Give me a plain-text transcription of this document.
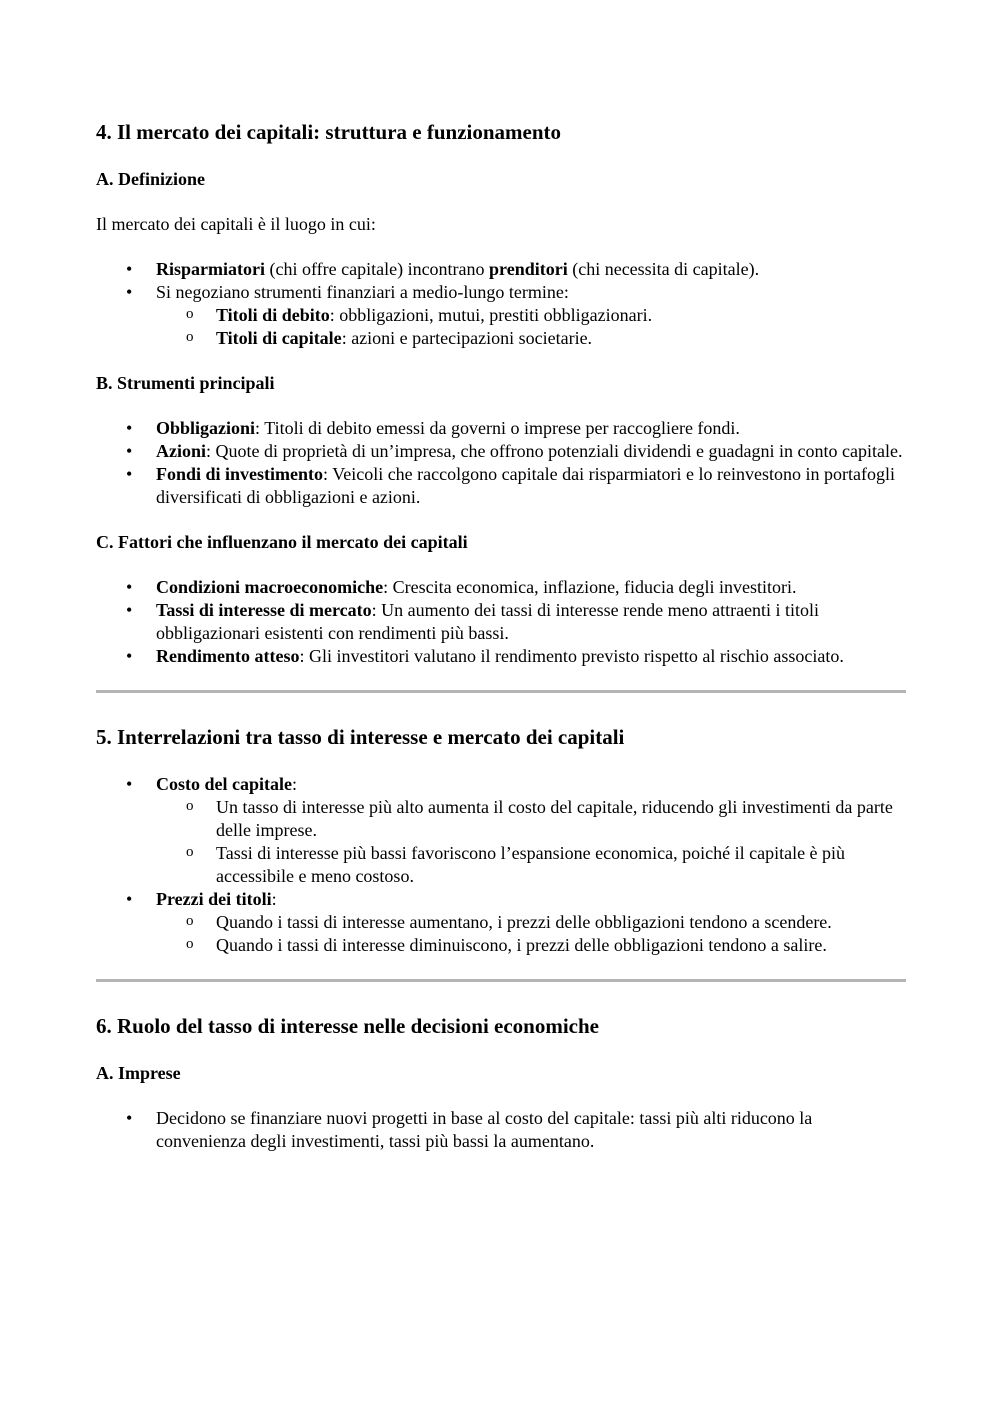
4. Il mercato dei capitali: struttura e funzionamento
A. Definizione

Il mercato dei capitali è il luogo in cui:

• Risparmiatori (chi offre capitale) incontrano prenditori (chi necessita di capitale).
• Si negoziano strumenti finanziari a medio-lungo termine:
o Titoli di debito: obbligazioni, mutui, prestiti obbligazionari.
o Titoli di capitale: azioni e partecipazioni societarie.
B. Strumenti principali
• Obbligazioni: Titoli di debito emessi da governi o imprese per raccogliere fondi.
• Azioni: Quote di proprietà di un’impresa, che offrono potenziali dividendi e guadagni in conto capitale.
• Fondi di investimento: Veicoli che raccolgono capitale dai risparmiatori e lo reinvestono in portafogli diversificati di obbligazioni e azioni.
C. Fattori che influenzano il mercato dei capitali
• Condizioni macroeconomiche: Crescita economica, inflazione, fiducia degli investitori.
• Tassi di interesse di mercato: Un aumento dei tassi di interesse rende meno attraenti i titoli obbligazionari esistenti con rendimenti più bassi.
• Rendimento atteso: Gli investitori valutano il rendimento previsto rispetto al rischio associato.
5. Interrelazioni tra tasso di interesse e mercato dei capitali
• Costo del capitale:
o Un tasso di interesse più alto aumenta il costo del capitale, riducendo gli investimenti da parte delle imprese.
o Tassi di interesse più bassi favoriscono l’espansione economica, poiché il capitale è più accessibile e meno costoso.
• Prezzi dei titoli:
o Quando i tassi di interesse aumentano, i prezzi delle obbligazioni tendono a scendere.
o Quando i tassi di interesse diminuiscono, i prezzi delle obbligazioni tendono a salire.
6. Ruolo del tasso di interesse nelle decisioni economiche
A. Imprese
• Decidono se finanziare nuovi progetti in base al costo del capitale: tassi più alti riducono la convenienza degli investimenti, tassi più bassi la aumentano.
